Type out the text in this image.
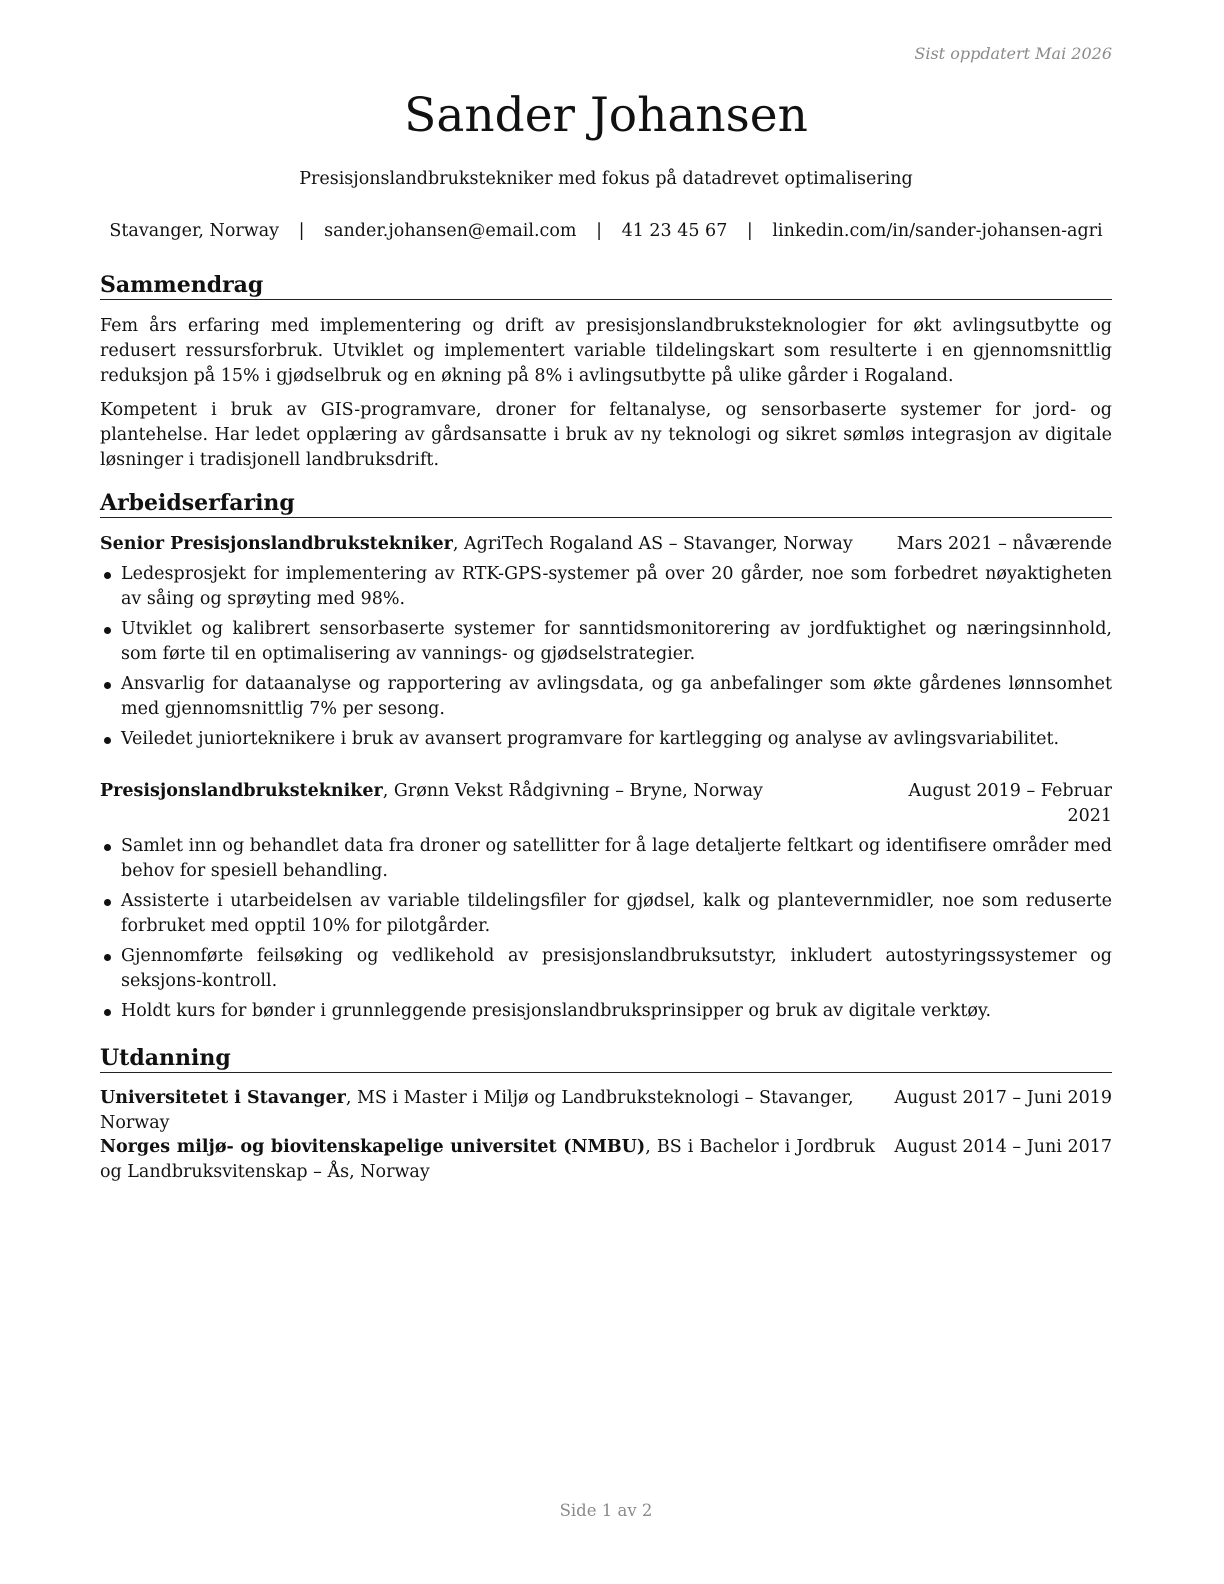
Sist oppdatert Mai 2026
Sander Johansen
Presisjonslandbrukstekniker med fokus på datadrevet optimalisering
Stavanger, Norway | sander.johansen@email.com | 41 23 45 67 | linkedin.com/in/sander-johansen-agri
Sammendrag

Fem års erfaring med implementering og drift av presisjonslandbruksteknologier for økt avlingsutbytte og redusert ressursforbruk. Utviklet og implementert variable tildelingskart som resulterte i en gjennomsnittlig reduksjon på 15% i gjødselbruk og en økning på 8% i avlingsutbytte på ulike gårder i Rogaland.

Kompetent i bruk av GIS-programvare, droner for feltanalyse, og sensorbaserte systemer for jord- og plantehelse. Har ledet opplæring av gårdsansatte i bruk av ny teknologi og sikret sømløs integrasjon av digitale løsninger i tradisjonell landbruksdrift.

Arbeidserfaring
Senior Presisjonslandbrukstekniker, AgriTech Rogaland AS – Stavanger, Norway	Mars 2021 – nåværende
Ledesprosjekt for implementering av RTK-GPS-systemer på over 20 gårder, noe som forbedret nøyaktigheten av såing og sprøyting med 98%.
Utviklet og kalibrert sensorbaserte systemer for sanntidsmonitorering av jordfuktighet og næringsinnhold, som førte til en optimalisering av vannings- og gjødselstrategier.
Ansvarlig for dataanalyse og rapportering av avlingsdata, og ga anbefalinger som økte gårdenes lønnsomhet med gjennomsnittlig 7% per sesong.
Veiledet juniorteknikere i bruk av avansert programvare for kartlegging og analyse av avlingsvariabilitet.
Presisjonslandbrukstekniker, Grønn Vekst Rådgivning – Bryne, Norway	August 2019 – Februar
2021
Samlet inn og behandlet data fra droner og satellitter for å lage detaljerte feltkart og identifisere områder med behov for spesiell behandling.
Assisterte i utarbeidelsen av variable tildelingsfiler for gjødsel, kalk og plantevernmidler, noe som reduserte forbruket med opptil 10% for pilotgårder.
Gjennomførte feilsøking og vedlikehold av presisjonslandbruksutstyr, inkludert autostyringssystemer og seksjons-kontroll.
Holdt kurs for bønder i grunnleggende presisjonslandbruksprinsipper og bruk av digitale verktøy.
Utdanning
Universitetet i Stavanger, MS i Master i Miljø og Landbruksteknologi – Stavanger, Norway
August 2017 – Juni 2019
Norges miljø- og biovitenskapelige universitet (NMBU), BS i Bachelor i Jordbruk og Landbruksvitenskap – Ås, Norway
August 2014 – Juni 2017
Side 1 av 2
